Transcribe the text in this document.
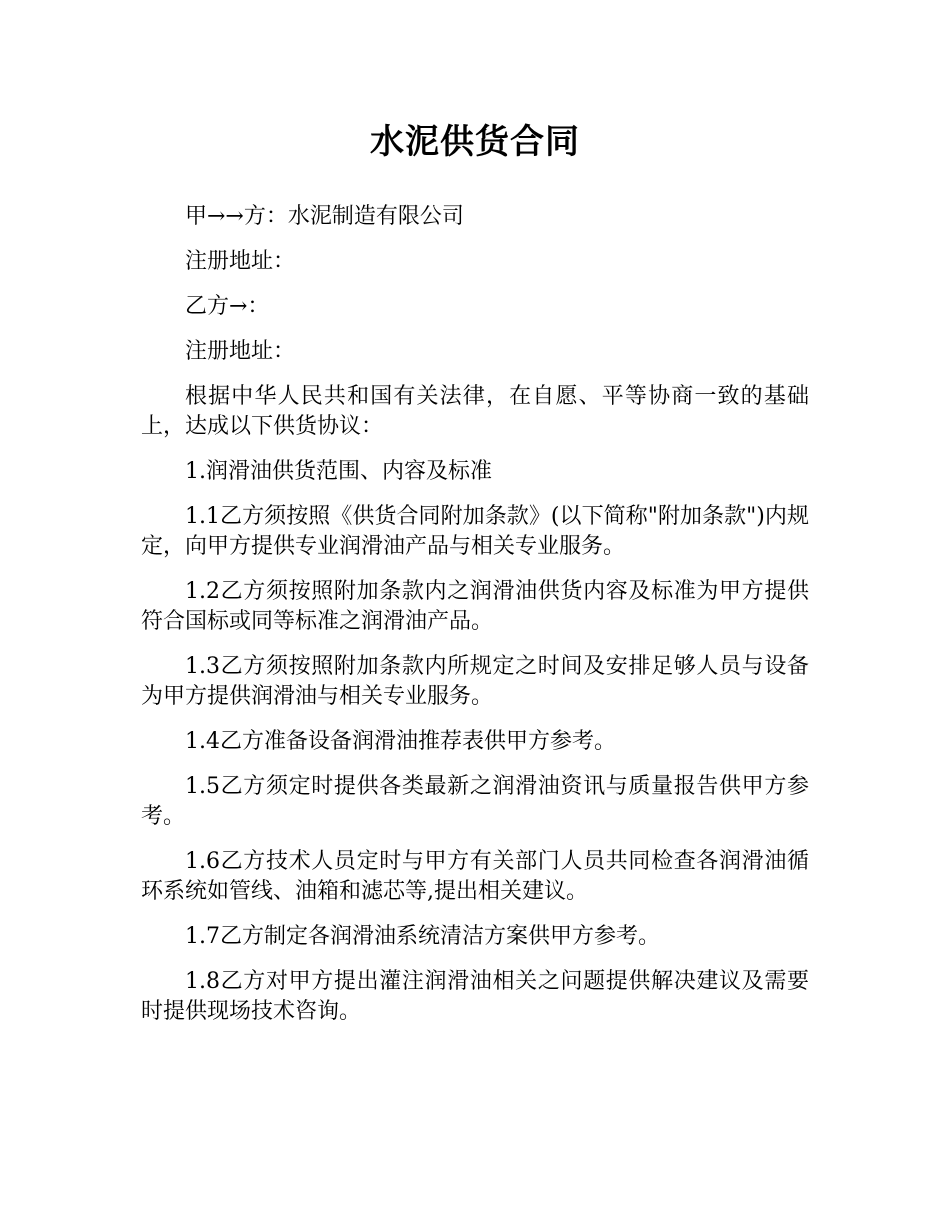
水泥供货合同

甲→→方：水泥制造有限公司

注册地址：

乙方→：

注册地址：

根据中华人民共和国有关法律，在自愿、平等协商一致的基础上，达成以下供货协议：

1.润滑油供货范围、内容及标准

1.1乙方须按照《供货合同附加条款》(以下简称"附加条款")内规定，向甲方提供专业润滑油产品与相关专业服务。

1.2乙方须按照附加条款内之润滑油供货内容及标准为甲方提供符合国标或同等标准之润滑油产品。

1.3乙方须按照附加条款内所规定之时间及安排足够人员与设备为甲方提供润滑油与相关专业服务。

1.4乙方准备设备润滑油推荐表供甲方参考。

1.5乙方须定时提供各类最新之润滑油资讯与质量报告供甲方参考。

1.6乙方技术人员定时与甲方有关部门人员共同检查各润滑油循环系统如管线、油箱和滤芯等,提出相关建议。

1.7乙方制定各润滑油系统清洁方案供甲方参考。

1.8乙方对甲方提出灌注润滑油相关之问题提供解决建议及需要时提供现场技术咨询。
